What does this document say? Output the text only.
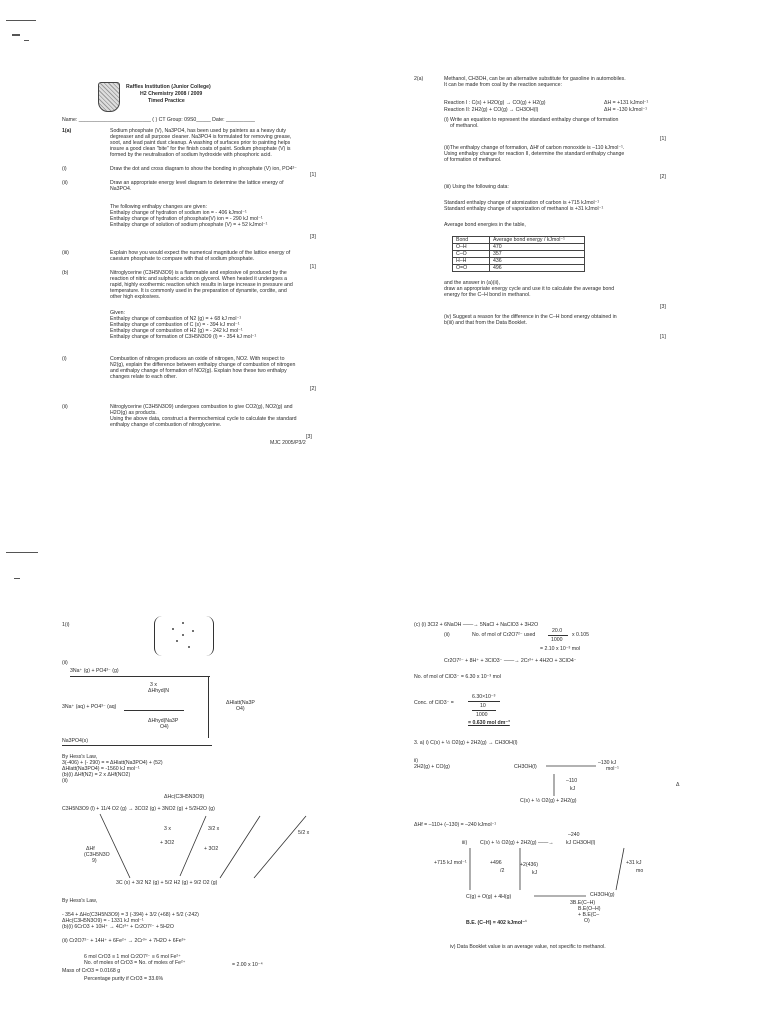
Raffles Institution (Junior College)
H2 Chemistry 2008 / 2009
Timed Practice
Name: _________________________ ( ) CT Group: 09S0_____ Date: __________
1(a)	Sodium phosphate (V), Na3PO4, has been used by painters as a heavy duty
degreaser and all purpose cleaner. Na3PO4 is formulated for removing grease,
soot, and lead paint dust cleanup. A washing of surfaces prior to painting helps
insure a good clean "bite" for the finish coats of paint. Sodium phosphate (V) is
formed by the neutralisation of sodium hydroxide with phosphoric acid.
(i)	Draw the dot and cross diagram to show the bonding in phosphate (V) ion, PO4³⁻
[1]
(ii)	Draw an appropriate energy level diagram to determine the lattice energy of
Na3PO4.
The following enthalpy changes are given:
Enthalpy change of hydration of sodium ion = - 406 kJmol⁻¹
Enthalpy change of hydration of phosphate(V) ion = - 290 kJ mol⁻¹
Enthalpy change of solution of sodium phosphate (V) = + 52 kJmol⁻¹
[3]
(iii)	Explain how you would expect the numerical magnitude of the lattice energy of
caesium phosphate to compare with that of sodium phosphate.
[1]
(b)	Nitroglycerine (C3H5N3O9) is a flammable and explosive oil produced by the
reaction of nitric and sulphuric acids on glycerol. When heated it undergoes a
rapid, highly exothermic reaction which results in large increase in pressure and
temperature. It is commonly used in the preparation of dynamite, cordite, and
other high explosives.
Given:
Enthalpy change of combustion of N2 (g) = + 68 kJ mol⁻¹
Enthalpy change of combustion of C (s) = - 394 kJ mol⁻¹
Enthalpy change of combustion of H2 (g) = - 242 kJ mol⁻¹
Enthalpy change of formation of C3H5N3O9 (l) = - 354 kJ mol⁻¹
(i)	Combustion of nitrogen produces an oxide of nitrogen, NO2. With respect to
N2(g), explain the difference between enthalpy change of combustion of nitrogen
and enthalpy change of formation of NO2(g). Explain how these two enthalpy
changes relate to each other.
[2]
(ii)	Nitroglycerine (C3H5N3O9) undergoes combustion to give CO2(g), NO2(g) and
H2O(g) as products.
Using the above data, construct a thermochemical cycle to calculate the standard
enthalpy change of combustion of nitroglycerine.
[3]
MJC 2005/P3/2
2(a)	Methanol, CH3OH, can be an alternative substitute for gasoline in automobiles.
It can be made from coal by the reaction sequence:
Reaction I : C(s) + H2O(g) → CO(g) + H2(g)	ΔH = +131 kJmol⁻¹
Reaction II: 2H2(g) + CO(g) → CH3OH(l)	ΔH = -130 kJmol⁻¹
(i) Write an equation to represent the standard enthalpy change of formation
of methanol.
[1]
(ii)The enthalpy change of formation, ΔHf of carbon monoxide is –110 kJmol⁻¹.
Using enthalpy change for reaction II, determine the standard enthalpy change
of formation of methanol.
[2]
(iii) Using the following data:
Standard enthalpy change of atomization of carbon is +715 kJmol⁻¹
Standard enthalpy change of vaporization of methanol is +31 kJmol⁻¹
Average bond energies in the table,
Bond	Average bond energy / kJmol⁻¹
O–H	470
C–O	357
H–H	436
O=O	496
and the answer in (a)(ii),
draw an appropriate energy cycle and use it to calculate the average bond
energy for the C–H bond in methanol.
[3]
(iv) Suggest a reason for the difference in the C–H bond energy obtained in
b(iii) and that from the Data Booklet.
[1]
1(i)
(ii)
3Na⁺ (g) + PO4³⁻ (g)
3 x
ΔHhyd(N
3Na⁺ (aq) + PO4³⁻ (aq)
ΔHhyd(Na3P
O4)
ΔHlatt(Na3P
O4)
Na3PO4(s)
By Hess's Law,
3(-406) + (- 290) = = ΔHlatt(Na3PO4) + (52)
ΔHlatt(Na3PO4) = -1560 kJ mol⁻¹
(b)(i) ΔHf(N2) = 2 x ΔHf(NO2)
(ii)
ΔHc(C3H5N3O9)
C3H5N3O9 (l) + 11/4 O2 (g) → 3CO2 (g) + 3NO2 (g) + 5/2H2O (g)
3 x	3/2 x
5/2 x
+ 3O2
+ 3O2
ΔHf
(C3H5N3O
9)
3C (s) + 3/2 N2 (g) + 5/2 H2 (g) + 9/2 O2 (g)
By Hess's Law,
- 354 + ΔHc(C3H5N3O9) = 3 (-394) + 3/2 (+68) + 5/2 (-242)
ΔHc(C3H5N3O9) = - 1331 kJ mol⁻¹
(b)(i) 6CrO3 + 10H⁺ → 4Cr³⁺ + Cr2O7²⁻ + 5H2O
(ii) Cr2O7²⁻ + 14H⁺ + 6Fe²⁺ → 2Cr³⁺ + 7H2O + 6Fe³⁺
6 mol CrO3 ≡ 1 mol Cr2O7²⁻ ≡ 6 mol Fe²⁺
No. of moles of CrO3 = No. of moles of Fe²⁺	= 2.00 x 10⁻⁴
Mass of CrO3 = 0.0168 g
Percentage purity if CrO3 = 33.6%
(c) (i) 3Cl2 + 6NaOH ——→ 5NaCl + NaClO3 + 3H2O
(ii)	No. of mol of Cr2O7²⁻ used
20.0
1000
x 0.105
= 2.10 x 10⁻³ mol
Cr2O7²⁻ + 8H⁺ + 3ClO3⁻ ——→ 2Cr³⁺ + 4H2O + 3ClO4⁻
No. of mol of ClO3⁻ = 6.30 x 10⁻³ mol
Conc. of ClO3⁻ =
6.30×10⁻³
10
1000
= 0.630 mol dm⁻³
3. a) i) C(s) + ½ O2(g) + 2H2(g) → CH3OH(l)
ii)
2H2(g) + CO(g)	CH3OH(l)
–130 kJ
mol⁻¹
–110
kJ
Δ
C(s) + ½ O2(g) + 2H2(g)
ΔHf = –110+ (–130) = –240 kJmol⁻¹
–240
iii) C(s) + ½ O2(g) + 2H2(g) ——→ kJ CH3OH(l)
+715 kJ mol⁻¹	+496
/2
+2(436)
kJ
+31 kJ
mo
C(g) + O(g) + 4H(g)	CH3OH(g)
3B.E(C–H)
B.E(O–H)
+ B.E(C–
O)
B.E. (C–H) = 402 kJmol⁻¹
iv) Data Booklet value is an average value, not specific to methanol.
